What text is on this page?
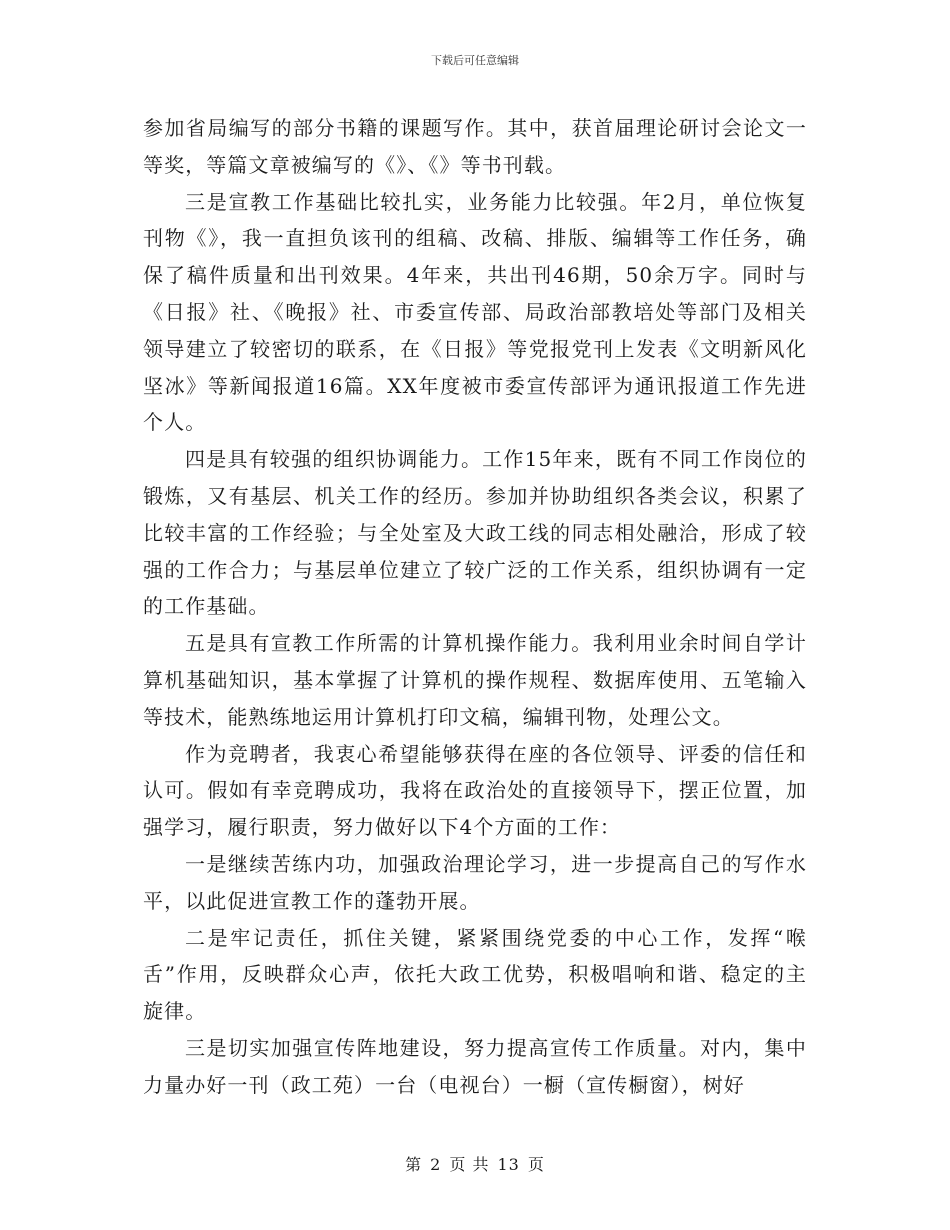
下载后可任意编辑

参加省局编写的部分书籍的课题写作。其中，获首届理论研讨会论文一等奖，等篇文章被编写的《》、《》等书刊载。

三是宣教工作基础比较扎实，业务能力比较强。年2月，单位恢复刊物《》，我一直担负该刊的组稿、改稿、排版、编辑等工作任务，确保了稿件质量和出刊效果。4年来，共出刊46期，50余万字。同时与《日报》社、《晚报》社、市委宣传部、局政治部教培处等部门及相关领导建立了较密切的联系，在《日报》等党报党刊上发表《文明新风化坚冰》等新闻报道16篇。XX年度被市委宣传部评为通讯报道工作先进个人。

四是具有较强的组织协调能力。工作15年来，既有不同工作岗位的锻炼，又有基层、机关工作的经历。参加并协助组织各类会议，积累了比较丰富的工作经验；与全处室及大政工线的同志相处融洽，形成了较强的工作合力；与基层单位建立了较广泛的工作关系，组织协调有一定的工作基础。

五是具有宣教工作所需的计算机操作能力。我利用业余时间自学计算机基础知识，基本掌握了计算机的操作规程、数据库使用、五笔输入等技术，能熟练地运用计算机打印文稿，编辑刊物，处理公文。

作为竞聘者，我衷心希望能够获得在座的各位领导、评委的信任和认可。假如有幸竞聘成功，我将在政治处的直接领导下，摆正位置，加强学习，履行职责，努力做好以下4个方面的工作：

一是继续苦练内功，加强政治理论学习，进一步提高自己的写作水平，以此促进宣教工作的蓬勃开展。

二是牢记责任，抓住关键，紧紧围绕党委的中心工作，发挥“喉舌”作用，反映群众心声，依托大政工优势，积极唱响和谐、稳定的主旋律。

三是切实加强宣传阵地建设，努力提高宣传工作质量。对内，集中力量办好一刊（政工苑）一台（电视台）一橱（宣传橱窗），树好

第 2 页 共 13 页
